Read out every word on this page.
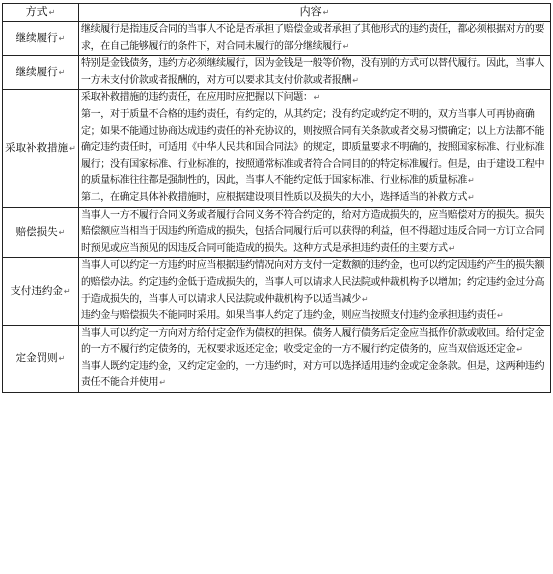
方式 ↵	内容 ↵
继续履行 ↵	继续履行是指违反合同的当事人不论是否承担了赔偿金或者承担了其他形式的违约责任，都必须根据对方的要求，在自己能够履行的条件下，对合同未履行的部分继续履行 ↵

继续履行 ↵	特别是金钱债务，违约方必须继续履行，因为金钱是一般等价物，没有别的方式可以替代履行。因此，当事人一方未支付价款或者报酬的，对方可以要求其支付价款或者报酬 ↵

采取补救措施 ↵	采取补救措施的违约责任，在应用时应把握以下问题： ↵
第一，对于质量不合格的违约责任，有约定的，从其约定；没有约定或约定不明的，双方当事人可再协商确定；如果不能通过协商达成违约责任的补充协议的，则按照合同有关条款或者交易习惯确定；以上方法都不能确定违约责任时，可适用《中华人民共和国合同法》的规定，即质量要求不明确的，按照国家标准、行业标准履行；没有国家标准、行业标准的，按照通常标准或者符合合同目的的特定标准履行。但是，由于建设工程中的质量标准往往都是强制性的，因此，当事人不能约定低于国家标准、行业标准的质量标准 ↵
第二，在确定具体补救措施时，应根据建设项目性质以及损失的大小，选择适当的补救方式 ↵

赔偿损失 ↵	当事人一方不履行合同义务或者履行合同义务不符合约定的，给对方造成损失的，应当赔偿对方的损失。损失赔偿额应当相当于因违约所造成的损失，包括合同履行后可以获得的利益，但不得超过违反合同一方订立合同时预见或应当预见的因违反合同可能造成的损失。这种方式是承担违约责任的主要方式 ↵

支付违约金 ↵	当事人可以约定一方违约时应当根据违约情况向对方支付一定数额的违约金，也可以约定因违约产生的损失额的赔偿办法。约定违约金低于造成损失的，当事人可以请求人民法院或仲裁机构予以增加；约定违约金过分高于造成损失的，当事人可以请求人民法院或仲裁机构予以适当减少 ↵
违约金与赔偿损失不能同时采用。如果当事人约定了违约金，则应当按照支付违约金承担违约责任 ↵

定金罚则 ↵	当事人可以约定一方向对方给付定金作为债权的担保。债务人履行债务后定金应当抵作价款或收回。给付定金的一方不履行约定债务的，无权要求返还定金；收受定金的一方不履行约定债务的，应当双倍返还定金 ↵
当事人既约定违约金，又约定定金的，一方违约时，对方可以选择适用违约金或定金条款。但是，这两种违约责任不能合并使用 ↵
